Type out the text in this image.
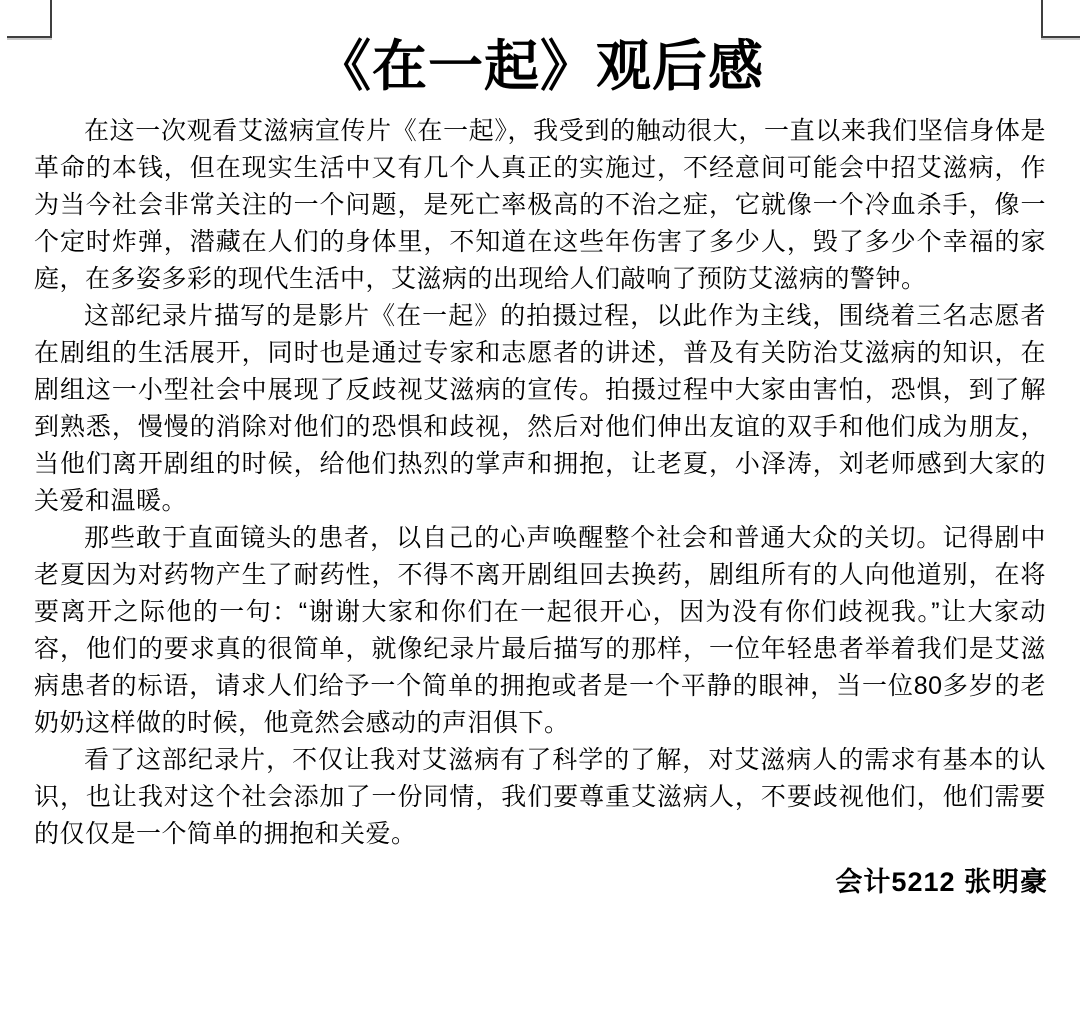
《在一起》观后感

在这一次观看艾滋病宣传片《在一起》，我受到的触动很大，一直以来我们坚信身体是革命的本钱，但在现实生活中又有几个人真正的实施过，不经意间可能会中招艾滋病，作为当今社会非常关注的一个问题，是死亡率极高的不治之症，它就像一个冷血杀手，像一个定时炸弹，潜藏在人们的身体里，不知道在这些年伤害了多少人，毁了多少个幸福的家庭，在多姿多彩的现代生活中，艾滋病的出现给人们敲响了预防艾滋病的警钟。

这部纪录片描写的是影片《在一起》的拍摄过程，以此作为主线，围绕着三名志愿者在剧组的生活展开，同时也是通过专家和志愿者的讲述，普及有关防治艾滋病的知识，在剧组这一小型社会中展现了反歧视艾滋病的宣传。拍摄过程中大家由害怕，恐惧，到了解到熟悉，慢慢的消除对他们的恐惧和歧视，然后对他们伸出友谊的双手和他们成为朋友，当他们离开剧组的时候，给他们热烈的掌声和拥抱，让老夏，小泽涛，刘老师感到大家的关爱和温暖。

那些敢于直面镜头的患者，以自己的心声唤醒整个社会和普通大众的关切。记得剧中老夏因为对药物产生了耐药性，不得不离开剧组回去换药，剧组所有的人向他道别，在将要离开之际他的一句：“谢谢大家和你们在一起很开心，因为没有你们歧视我。”让大家动容，他们的要求真的很简单，就像纪录片最后描写的那样，一位年轻患者举着我们是艾滋病患者的标语，请求人们给予一个简单的拥抱或者是一个平静的眼神，当一位80多岁的老奶奶这样做的时候，他竟然会感动的声泪俱下。

看了这部纪录片，不仅让我对艾滋病有了科学的了解，对艾滋病人的需求有基本的认识，也让我对这个社会添加了一份同情，我们要尊重艾滋病人，不要歧视他们，他们需要的仅仅是一个简单的拥抱和关爱。

会计5212 张明豪
